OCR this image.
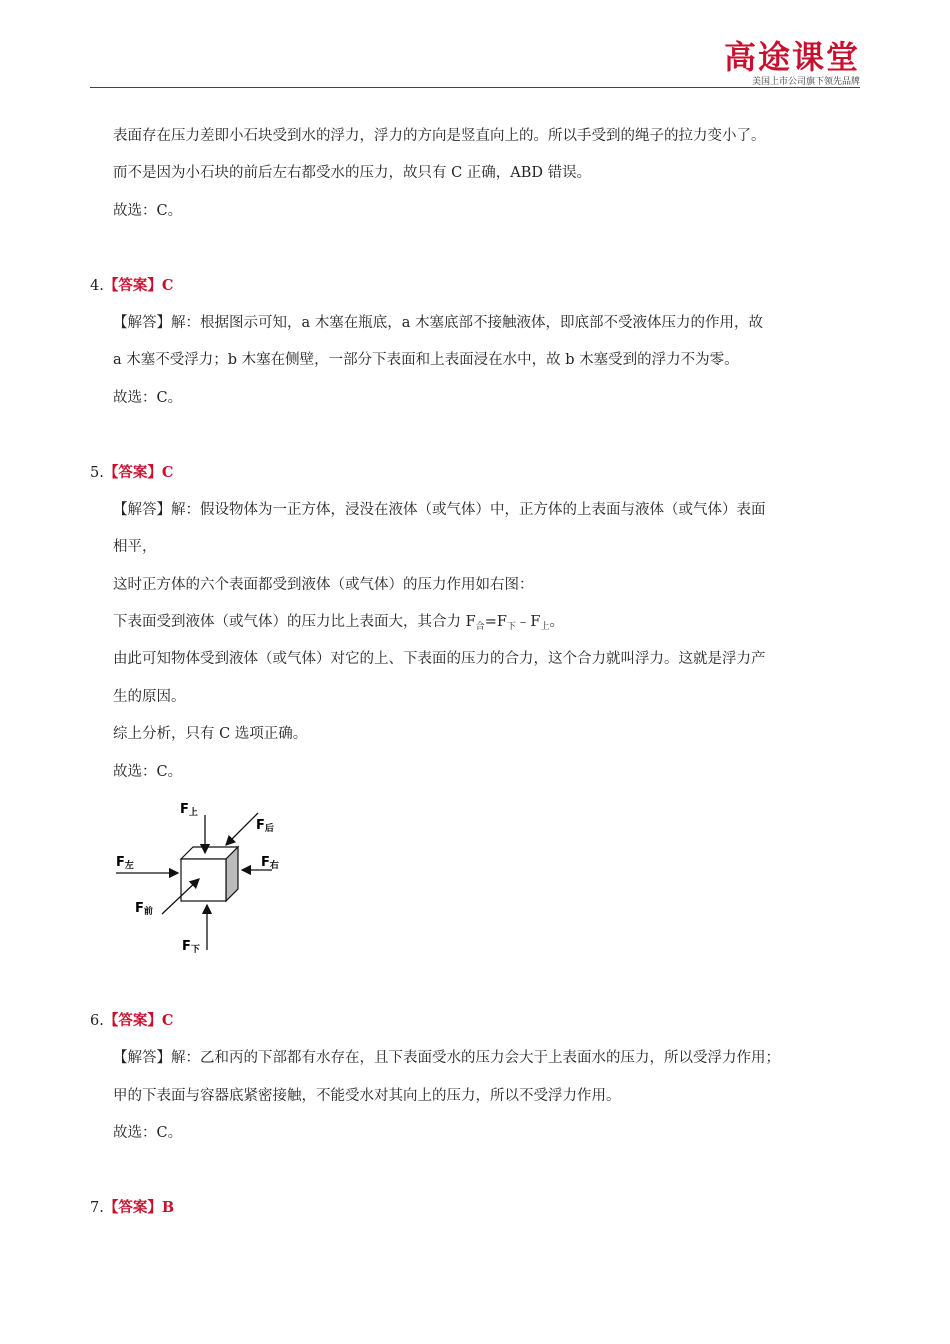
高途课堂
美国上市公司旗下领先品牌
表面存在压力差即小石块受到水的浮力，浮力的方向是竖直向上的。所以手受到的绳子的拉力变小了。
而不是因为小石块的前后左右都受水的压力，故只有 C 正确，ABD 错误。
故选：C。
4.【答案】C
【解答】解：根据图示可知，a 木塞在瓶底，a 木塞底部不接触液体，即底部不受液体压力的作用，故
a 木塞不受浮力；b 木塞在侧壁，一部分下表面和上表面浸在水中，故 b 木塞受到的浮力不为零。
故选：C。
5.【答案】C
【解答】解：假设物体为一正方体，浸没在液体（或气体）中，正方体的上表面与液体（或气体）表面
相平，
这时正方体的六个表面都受到液体（或气体）的压力作用如右图：
下表面受到液体（或气体）的压力比上表面大，其合力 $F_合=F_下﹣F_上$。
由此可知物体受到液体（或气体）对它的上、下表面的压力的合力，这个合力就叫浮力。这就是浮力产
生的原因。
综上分析，只有 C 选项正确。
故选：C。
F上
F后
F左	F右
F前
F下
6.【答案】C
【解答】解：乙和丙的下部都有水存在，且下表面受水的压力会大于上表面水的压力，所以受浮力作用；
甲的下表面与容器底紧密接触，不能受水对其向上的压力，所以不受浮力作用。
故选：C。
7.【答案】B
